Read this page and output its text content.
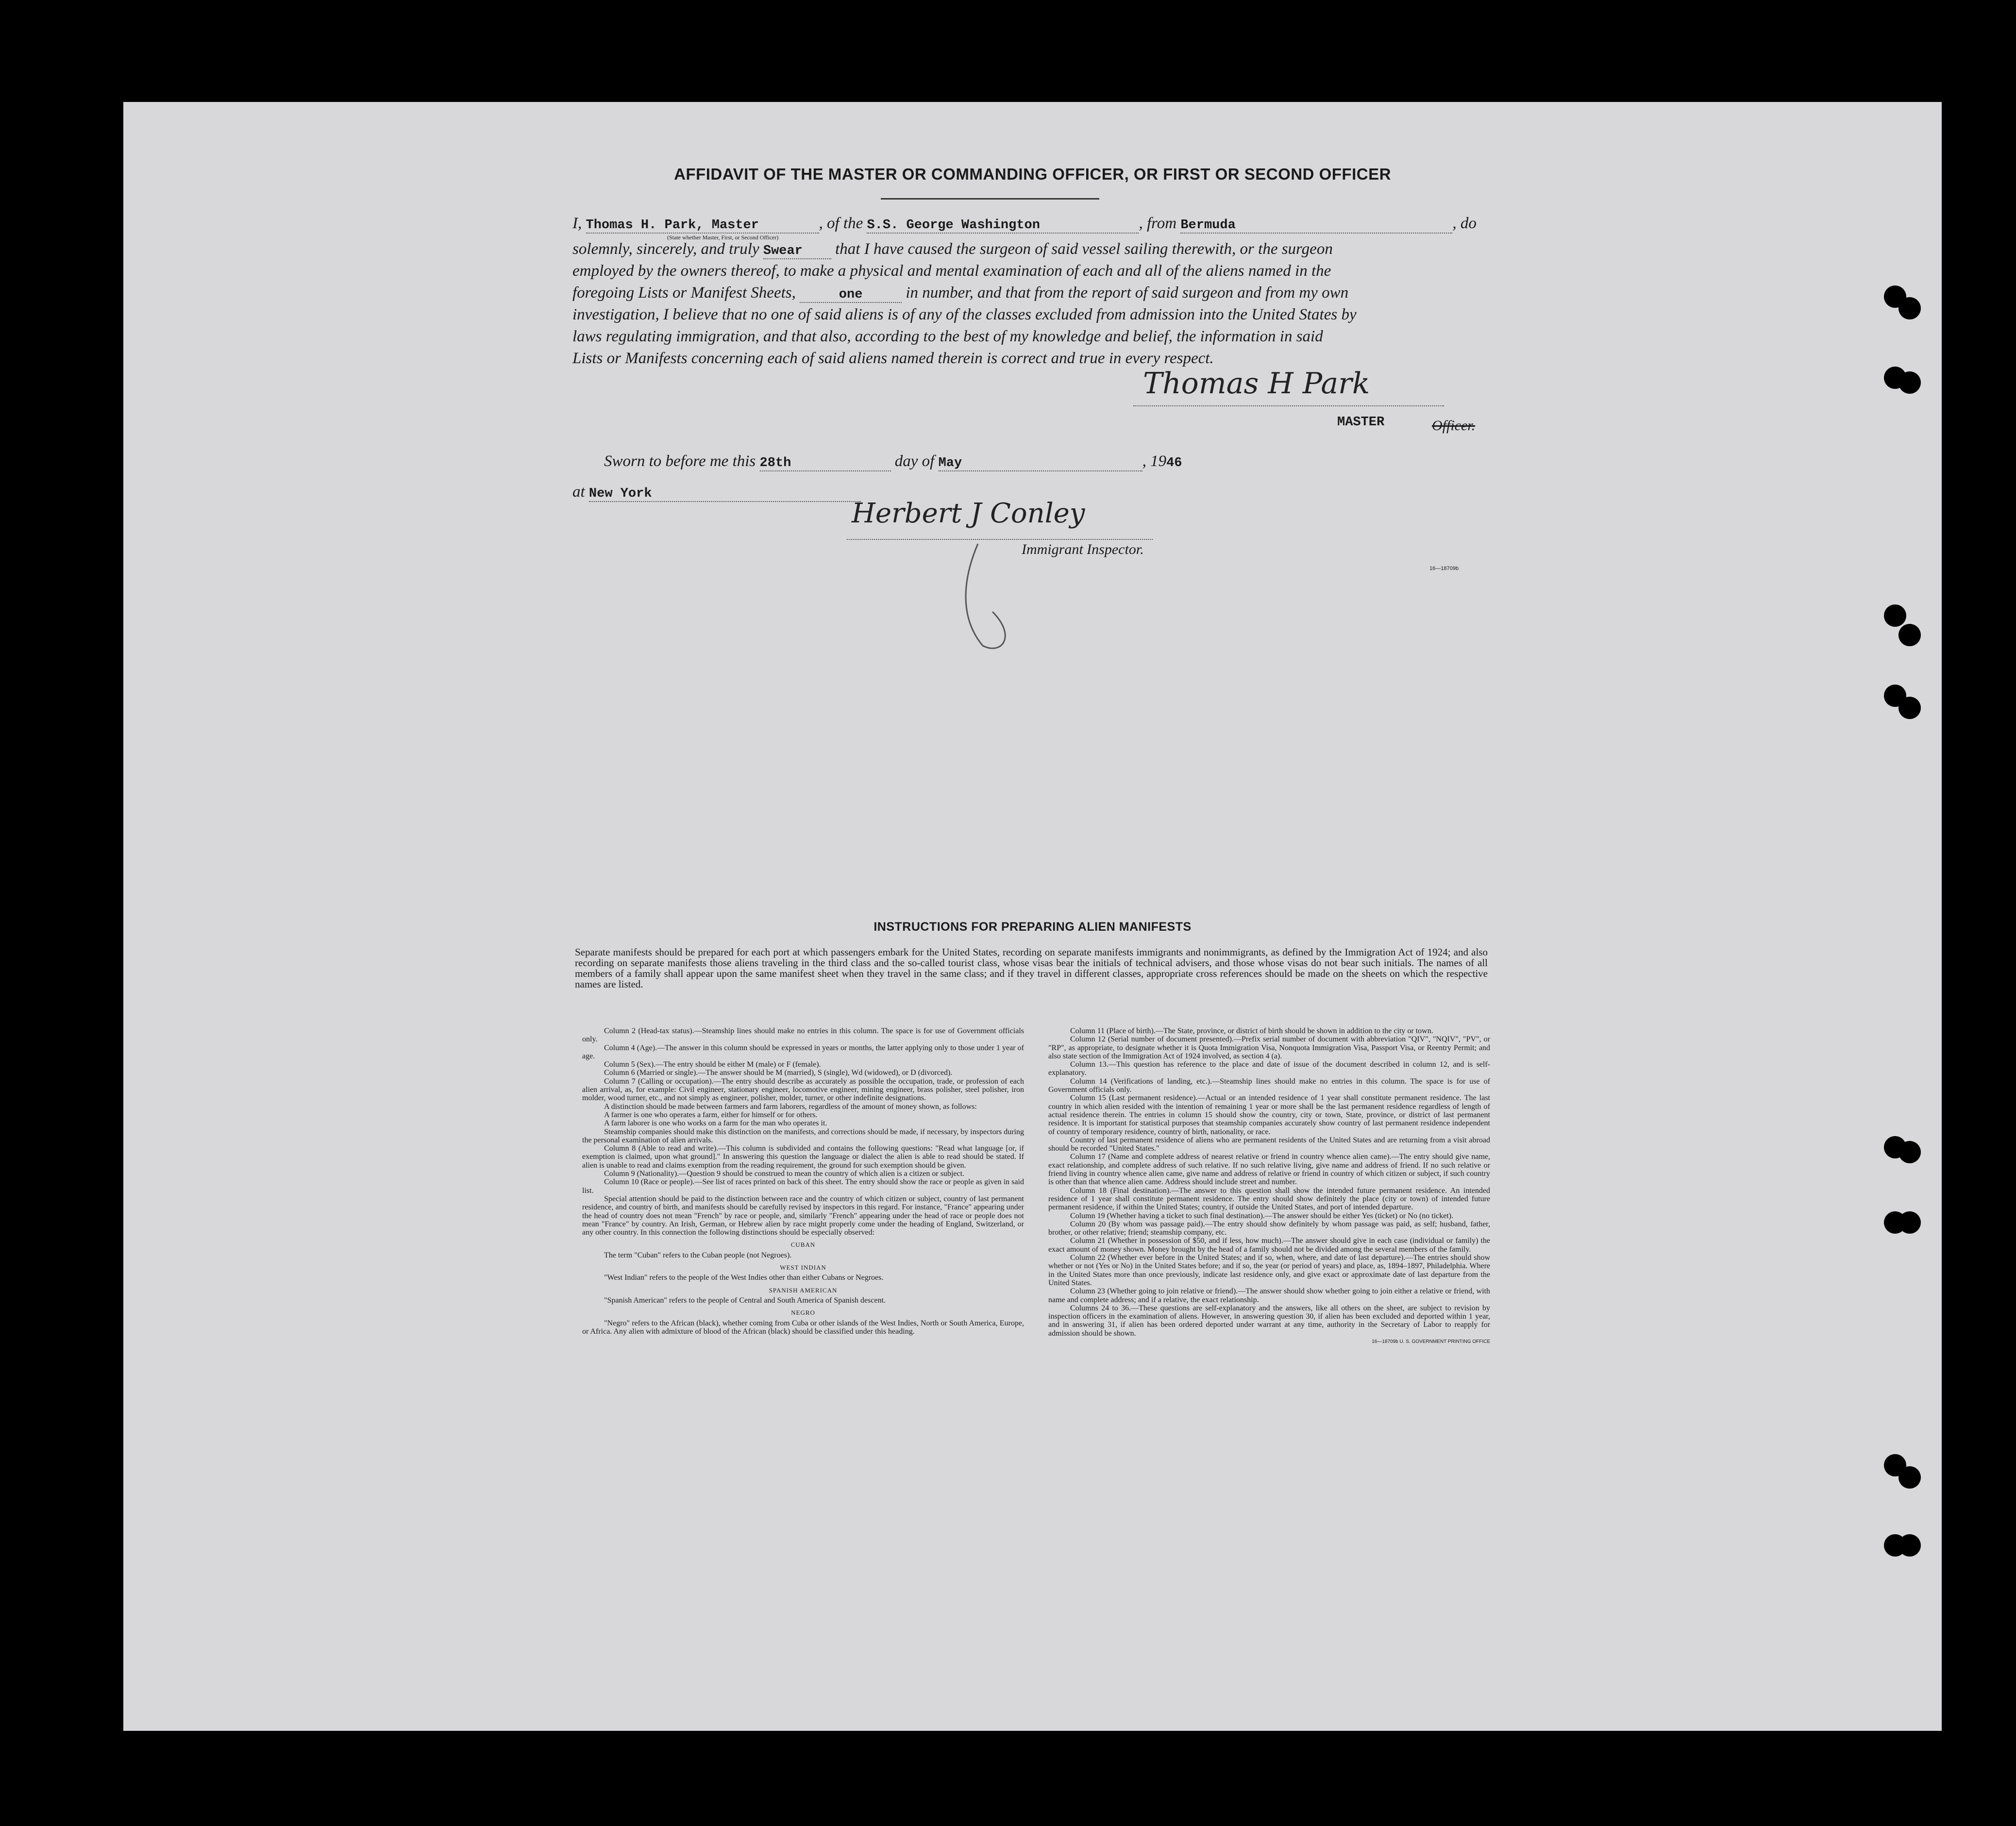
AFFIDAVIT OF THE MASTER OR COMMANDING OFFICER, OR FIRST OR SECOND OFFICER
I, Thomas H. Park, Master	, of the S.S. George Washington	, from Bermuda	, do
(State whether Master, First, or Second Officer)
solemnly, sincerely, and truly Swear that I have caused the surgeon of said vessel sailing therewith, or the surgeon
employed by the owners thereof, to make a physical and mental examination of each and all of the aliens named in the
foregoing Lists or Manifest Sheets,	one	in number, and that from the report of said surgeon and from my own
investigation, I believe that no one of said aliens is of any of the classes excluded from admission into the United States by
laws regulating immigration, and that also, according to the best of my knowledge and belief, the information in said
Lists or Manifests concerning each of said aliens named therein is correct and true in every respect.
Thomas H Park
MASTER	Officer.
Sworn to before me this 28th	day of May	, 1946
at New York
Herbert J Conley
Immigrant Inspector.
16—18709b
INSTRUCTIONS FOR PREPARING ALIEN MANIFESTS
Separate manifests should be prepared for each port at which passengers embark for the United States, recording on separate manifests immigrants and nonimmigrants, as defined by the Immigration Act of 1924; and also recording on separate manifests those aliens traveling in the third class and the so-called tourist class, whose visas bear the initials of technical advisers, and those whose visas do not bear such initials. The names of all members of a family shall appear upon the same manifest sheet when they travel in the same class; and if they travel in different classes, appropriate cross references should be made on the sheets on which the respective names are listed.

Column 2 (Head-tax status).—Steamship lines should make no entries in this column. The space is for use of Government officials only.

Column 4 (Age).—The answer in this column should be expressed in years or months, the latter applying only to those under 1 year of age.

Column 5 (Sex).—The entry should be either M (male) or F (female).

Column 6 (Married or single).—The answer should be M (married), S (single), Wd (widowed), or D (divorced).

Column 7 (Calling or occupation).—The entry should describe as accurately as possible the occupation, trade, or profession of each alien arrival, as, for example: Civil engineer, stationary engineer, locomotive engineer, mining engineer, brass polisher, steel polisher, iron molder, wood turner, etc., and not simply as engineer, polisher, molder, turner, or other indefinite designations.

A distinction should be made between farmers and farm laborers, regardless of the amount of money shown, as follows:

A farmer is one who operates a farm, either for himself or for others.

A farm laborer is one who works on a farm for the man who operates it.

Steamship companies should make this distinction on the manifests, and corrections should be made, if necessary, by inspectors during the personal examination of alien arrivals.

Column 8 (Able to read and write).—This column is subdivided and contains the following questions: "Read what language [or, if exemption is claimed, upon what ground]." In answering this question the language or dialect the alien is able to read should be stated. If alien is unable to read and claims exemption from the reading requirement, the ground for such exemption should be given.

Column 9 (Nationality).—Question 9 should be construed to mean the country of which alien is a citizen or subject.

Column 10 (Race or people).—See list of races printed on back of this sheet. The entry should show the race or people as given in said list.

Special attention should be paid to the distinction between race and the country of which citizen or subject, country of last permanent residence, and country of birth, and manifests should be carefully revised by inspectors in this regard. For instance, "France" appearing under the head of country does not mean "French" by race or people, and, similarly "French" appearing under the head of race or people does not mean "France" by country. An Irish, German, or Hebrew alien by race might properly come under the heading of England, Switzerland, or any other country. In this connection the following distinctions should be especially observed:

CUBAN

The term "Cuban" refers to the Cuban people (not Negroes).

WEST INDIAN

"West Indian" refers to the people of the West Indies other than either Cubans or Negroes.

SPANISH AMERICAN

"Spanish American" refers to the people of Central and South America of Spanish descent.

NEGRO

"Negro" refers to the African (black), whether coming from Cuba or other islands of the West Indies, North or South America, Europe, or Africa. Any alien with admixture of blood of the African (black) should be classified under this heading.

Column 11 (Place of birth).—The State, province, or district of birth should be shown in addition to the city or town.

Column 12 (Serial number of document presented).—Prefix serial number of document with abbreviation "QIV", "NQIV", "PV", or "RP", as appropriate, to designate whether it is Quota Immigration Visa, Nonquota Immigration Visa, Passport Visa, or Reentry Permit; and also state section of the Immigration Act of 1924 involved, as section 4 (a).

Column 13.—This question has reference to the place and date of issue of the document described in column 12, and is self-explanatory.

Column 14 (Verifications of landing, etc.).—Steamship lines should make no entries in this column. The space is for use of Government officials only.

Column 15 (Last permanent residence).—Actual or an intended residence of 1 year shall constitute permanent residence. The last country in which alien resided with the intention of remaining 1 year or more shall be the last permanent residence regardless of length of actual residence therein. The entries in column 15 should show the country, city or town, State, province, or district of last permanent residence. It is important for statistical purposes that steamship companies accurately show country of last permanent residence independent of country of temporary residence, country of birth, nationality, or race.

Country of last permanent residence of aliens who are permanent residents of the United States and are returning from a visit abroad should be recorded "United States."

Column 17 (Name and complete address of nearest relative or friend in country whence alien came).—The entry should give name, exact relationship, and complete address of such relative. If no such relative living, give name and address of friend. If no such relative or friend living in country whence alien came, give name and address of relative or friend in country of which citizen or subject, if such country is other than that whence alien came. Address should include street and number.

Column 18 (Final destination).—The answer to this question shall show the intended future permanent residence. An intended residence of 1 year shall constitute permanent residence. The entry should show definitely the place (city or town) of intended future permanent residence, if within the United States; country, if outside the United States, and port of intended departure.

Column 19 (Whether having a ticket to such final destination).—The answer should be either Yes (ticket) or No (no ticket).

Column 20 (By whom was passage paid).—The entry should show definitely by whom passage was paid, as self; husband, father, brother, or other relative; friend; steamship company, etc.

Column 21 (Whether in possession of $50, and if less, how much).—The answer should give in each case (individual or family) the exact amount of money shown. Money brought by the head of a family should not be divided among the several members of the family.

Column 22 (Whether ever before in the United States; and if so, when, where, and date of last departure).—The entries should show whether or not (Yes or No) in the United States before; and if so, the year (or period of years) and place, as, 1894–1897, Philadelphia. Where in the United States more than once previously, indicate last residence only, and give exact or approximate date of last departure from the United States.

Column 23 (Whether going to join relative or friend).—The answer should show whether going to join either a relative or friend, with name and complete address; and if a relative, the exact relationship.

Columns 24 to 36.—These questions are self-explanatory and the answers, like all others on the sheet, are subject to revision by inspection officers in the examination of aliens. However, in answering question 30, if alien has been excluded and deported within 1 year, and in answering 31, if alien has been ordered deported under warrant at any time, authority in the Secretary of Labor to reapply for admission should be shown.

16—18709b U. S. GOVERNMENT PRINTING OFFICE
